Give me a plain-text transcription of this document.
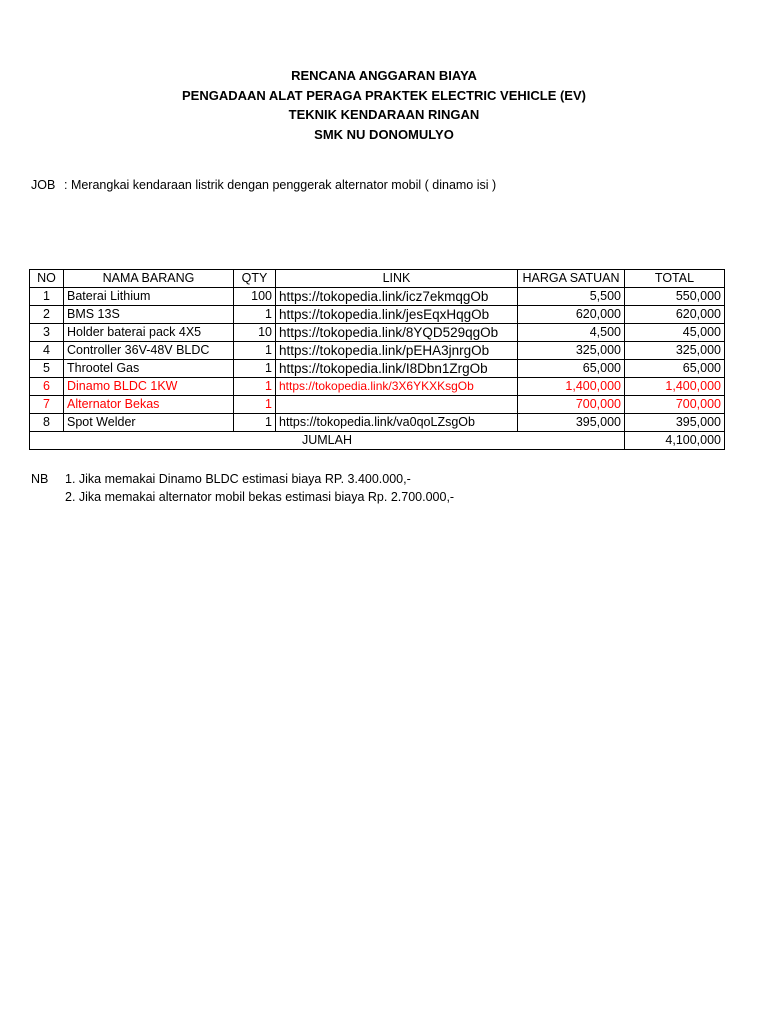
RENCANA ANGGARAN BIAYA
PENGADAAN ALAT PERAGA PRAKTEK ELECTRIC VEHICLE (EV)
TEKNIK KENDARAAN RINGAN
SMK NU DONOMULYO
JOB : Merangkai kendaraan listrik dengan penggerak alternator mobil ( dinamo isi )
NO	NAMA BARANG	QTY	LINK	HARGA SATUAN	TOTAL
1	Baterai Lithium	100	https://tokopedia.link/icz7ekmqgOb	5,500	550,000
2	BMS 13S	1	https://tokopedia.link/jesEqxHqgOb	620,000	620,000
3	Holder baterai pack 4X5	10	https://tokopedia.link/8YQD529qgOb	4,500	45,000
4	Controller 36V-48V BLDC	1	https://tokopedia.link/pEHA3jnrgOb	325,000	325,000
5	Throotel Gas	1	https://tokopedia.link/I8Dbn1ZrgOb	65,000	65,000
6	Dinamo BLDC 1KW	1	https://tokopedia.link/3X6YKXKsgOb	1,400,000	1,400,000
7	Alternator Bekas	1		700,000	700,000
8	Spot Welder	1	https://tokopedia.link/va0qoLZsgOb	395,000	395,000
JUMLAH					4,100,000
NB 1. Jika memakai Dinamo BLDC estimasi biaya RP. 3.400.000,-
2. Jika memakai alternator mobil bekas estimasi biaya Rp. 2.700.000,-
